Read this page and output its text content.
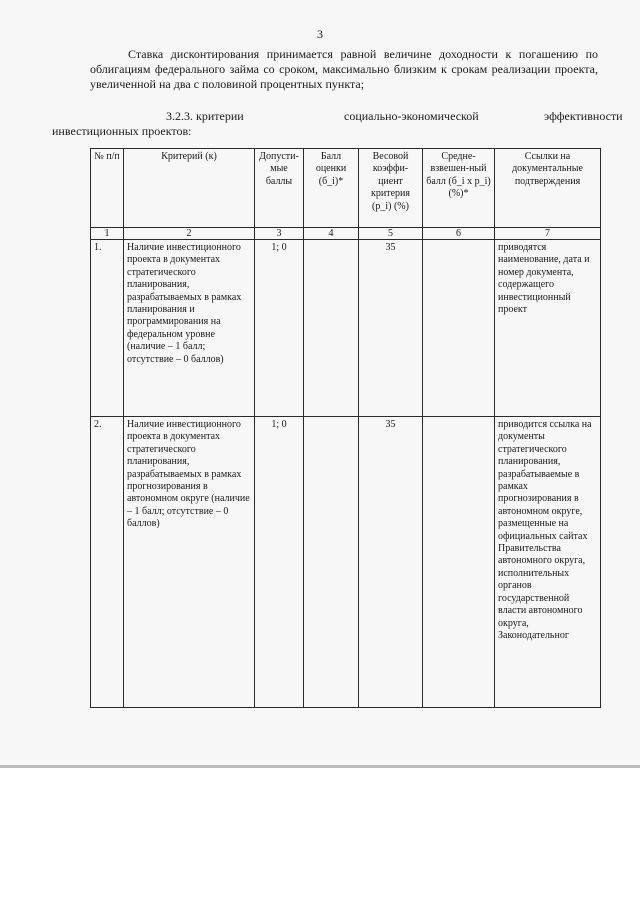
3
Ставка дисконтирования принимается равной величине доходности к погашению по облигациям федерального займа со сроком, максимально близким к срокам реализации проекта, увеличенной на два с половиной процентных пункта;
3.2.3. критерии	социально-экономической	эффективности
инвестиционных проектов:
№ п/п	Критерий (к)	Допусти-мые баллы	Балл оценки (б_i)*	Весовой коэффи-циент критерия (p_i) (%)	Средне-взвешен-ный балл (б_i x p_i) (%)*	Ссылки на документальные подтверждения
1	2	3	4	5	6	7
1.	Наличие инвестиционного проекта в документах стратегического планирования, разрабатываемых в рамках планирования и программирования на федеральном уровне (наличие – 1 балл; отсутствие – 0 баллов)	1; 0		35		приводятся наименование, дата и номер документа, содержащего инвестиционный проект
2.	Наличие инвестиционного проекта в документах стратегического планирования, разрабатываемых в рамках прогнозирования в автономном округе (наличие – 1 балл; отсутствие – 0 баллов)	1; 0		35		приводится ссылка на документы стратегического планирования, разрабатываемые в рамках прогнозирования в автономном округе, размещенные на официальных сайтах Правительства автономного округа, исполнительных органов государственной власти автономного округа, Законодательног
